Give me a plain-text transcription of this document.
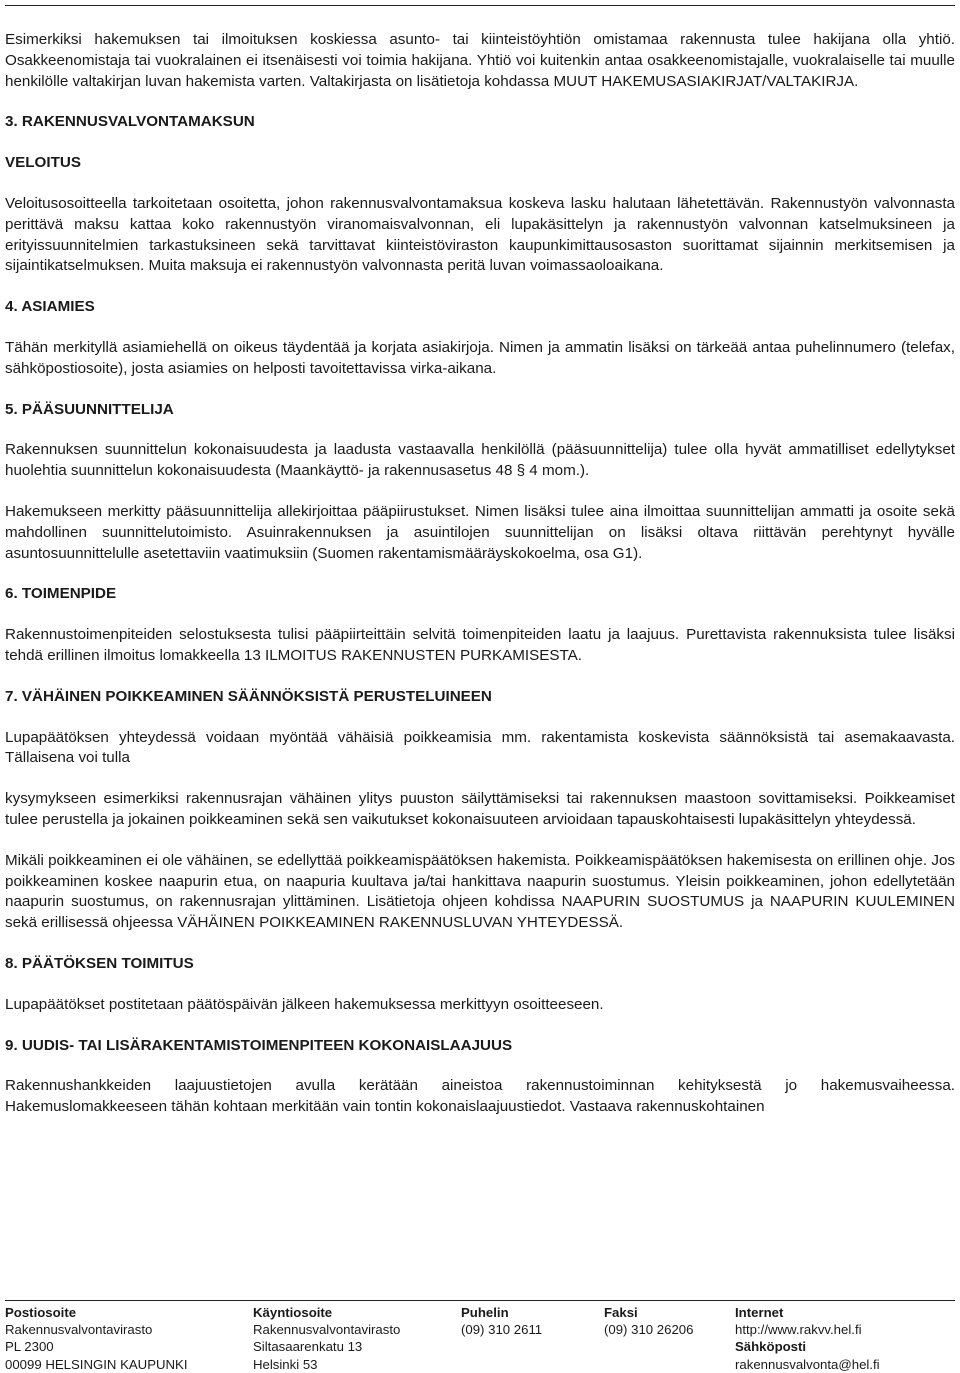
Esimerkiksi hakemuksen tai ilmoituksen koskiessa asunto- tai kiinteistöyhtiön omistamaa rakennusta tulee hakijana olla yhtiö. Osakkeenomistaja tai vuokralainen ei itsenäisesti voi toimia hakijana. Yhtiö voi kuitenkin antaa osakkeenomistajalle, vuokralaiselle tai muulle henkilölle valtakirjan luvan hakemista varten. Valtakirjasta on lisätietoja kohdassa MUUT HAKEMUSASIAKIRJAT/VALTAKIRJA.

3. RAKENNUSVALVONTAMAKSUN
VELOITUS

Veloitusosoitteella tarkoitetaan osoitetta, johon rakennusvalvontamaksua koskeva lasku halutaan lähetettävän. Rakennustyön valvonnasta perittävä maksu kattaa koko rakennustyön viranomaisvalvonnan, eli lupakäsittelyn ja rakennustyön valvonnan katselmuksineen ja erityissuunnitelmien tarkastuksineen sekä tarvittavat kiinteistöviraston kaupunkimittausosaston suorittamat sijainnin merkitsemisen ja sijaintikatselmuksen. Muita maksuja ei rakennustyön valvonnasta peritä luvan voimassaoloaikana.

4. ASIAMIES

Tähän merkityllä asiamiehellä on oikeus täydentää ja korjata asiakirjoja. Nimen ja ammatin lisäksi on tärkeää antaa puhelinnumero (telefax, sähköpostiosoite), josta asiamies on helposti tavoitettavissa virka-aikana.

5. PÄÄSUUNNITTELIJA

Rakennuksen suunnittelun kokonaisuudesta ja laadusta vastaavalla henkilöllä (pääsuunnittelija) tulee olla hyvät ammatilliset edellytykset huolehtia suunnittelun kokonaisuudesta (Maankäyttö- ja rakennusasetus 48 § 4 mom.).

Hakemukseen merkitty pääsuunnittelija allekirjoittaa pääpiirustukset. Nimen lisäksi tulee aina ilmoittaa suunnittelijan ammatti ja osoite sekä mahdollinen suunnittelutoimisto. Asuinrakennuksen ja asuintilojen suunnittelijan on lisäksi oltava riittävän perehtynyt hyvälle asuntosuunnittelulle asetettaviin vaatimuksiin (Suomen rakentamismääräyskokoelma, osa G1).

6. TOIMENPIDE

Rakennustoimenpiteiden selostuksesta tulisi pääpiirteittäin selvitä toimenpiteiden laatu ja laajuus. Purettavista rakennuksista tulee lisäksi tehdä erillinen ilmoitus lomakkeella 13 ILMOITUS RAKENNUSTEN PURKAMISESTA.

7. VÄHÄINEN POIKKEAMINEN SÄÄNNÖKSISTÄ PERUSTELUINEEN

Lupapäätöksen yhteydessä voidaan myöntää vähäisiä poikkeamisia mm. rakentamista koskevista säännöksistä tai asemakaavasta. Tällaisena voi tulla

kysymykseen esimerkiksi rakennusrajan vähäinen ylitys puuston säilyttämiseksi tai rakennuksen maastoon sovittamiseksi. Poikkeamiset tulee perustella ja jokainen poikkeaminen sekä sen vaikutukset kokonaisuuteen arvioidaan tapauskohtaisesti lupakäsittelyn yhteydessä.

Mikäli poikkeaminen ei ole vähäinen, se edellyttää poikkeamispäätöksen hakemista. Poikkeamispäätöksen hakemisesta on erillinen ohje. Jos poikkeaminen koskee naapurin etua, on naapuria kuultava ja/tai hankittava naapurin suostumus. Yleisin poikkeaminen, johon edellytetään naapurin suostumus, on rakennusrajan ylittäminen. Lisätietoja ohjeen kohdissa NAAPURIN SUOSTUMUS ja NAAPURIN KUULEMINEN sekä erillisessä ohjeessa VÄHÄINEN POIKKEAMINEN RAKENNUSLUVAN YHTEYDESSÄ.

8. PÄÄTÖKSEN TOIMITUS

Lupapäätökset postitetaan päätöspäivän jälkeen hakemuksessa merkittyyn osoitteeseen.

9. UUDIS- TAI LISÄRAKENTAMISTOIMENPITEEN KOKONAISLAAJUUS

Rakennushankkeiden laajuustietojen avulla kerätään aineistoa rakennustoiminnan kehityksestä jo hakemusvaiheessa. Hakemuslomakkeeseen tähän kohtaan merkitään vain tontin kokonaislaajuustiedot. Vastaava rakennuskohtainen

Postiosoite
Rakennusvalvontavirasto
PL 2300
00099 HELSINGIN KAUPUNKI
Käyntiosoite
Rakennusvalvontavirasto
Siltasaarenkatu 13
Helsinki 53
Puhelin
(09) 310 2611
Faksi
(09) 310 26206
Internet
http://www.rakvv.hel.fi
Sähköposti
rakennusvalvonta@hel.fi
